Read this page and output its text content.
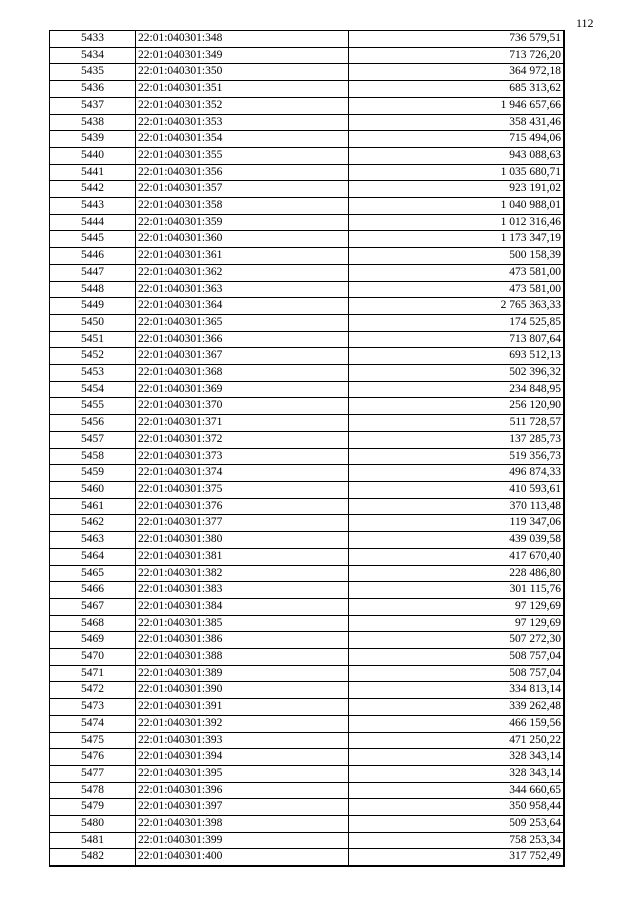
112
5433	22:01:040301:348	736 579,51
5434	22:01:040301:349	713 726,20
5435	22:01:040301:350	364 972,18
5436	22:01:040301:351	685 313,62
5437	22:01:040301:352	1 946 657,66
5438	22:01:040301:353	358 431,46
5439	22:01:040301:354	715 494,06
5440	22:01:040301:355	943 088,63
5441	22:01:040301:356	1 035 680,71
5442	22:01:040301:357	923 191,02
5443	22:01:040301:358	1 040 988,01
5444	22:01:040301:359	1 012 316,46
5445	22:01:040301:360	1 173 347,19
5446	22:01:040301:361	500 158,39
5447	22:01:040301:362	473 581,00
5448	22:01:040301:363	473 581,00
5449	22:01:040301:364	2 765 363,33
5450	22:01:040301:365	174 525,85
5451	22:01:040301:366	713 807,64
5452	22:01:040301:367	693 512,13
5453	22:01:040301:368	502 396,32
5454	22:01:040301:369	234 848,95
5455	22:01:040301:370	256 120,90
5456	22:01:040301:371	511 728,57
5457	22:01:040301:372	137 285,73
5458	22:01:040301:373	519 356,73
5459	22:01:040301:374	496 874,33
5460	22:01:040301:375	410 593,61
5461	22:01:040301:376	370 113,48
5462	22:01:040301:377	119 347,06
5463	22:01:040301:380	439 039,58
5464	22:01:040301:381	417 670,40
5465	22:01:040301:382	228 486,80
5466	22:01:040301:383	301 115,76
5467	22:01:040301:384	97 129,69
5468	22:01:040301:385	97 129,69
5469	22:01:040301:386	507 272,30
5470	22:01:040301:388	508 757,04
5471	22:01:040301:389	508 757,04
5472	22:01:040301:390	334 813,14
5473	22:01:040301:391	339 262,48
5474	22:01:040301:392	466 159,56
5475	22:01:040301:393	471 250,22
5476	22:01:040301:394	328 343,14
5477	22:01:040301:395	328 343,14
5478	22:01:040301:396	344 660,65
5479	22:01:040301:397	350 958,44
5480	22:01:040301:398	509 253,64
5481	22:01:040301:399	758 253,34
5482	22:01:040301:400	317 752,49
